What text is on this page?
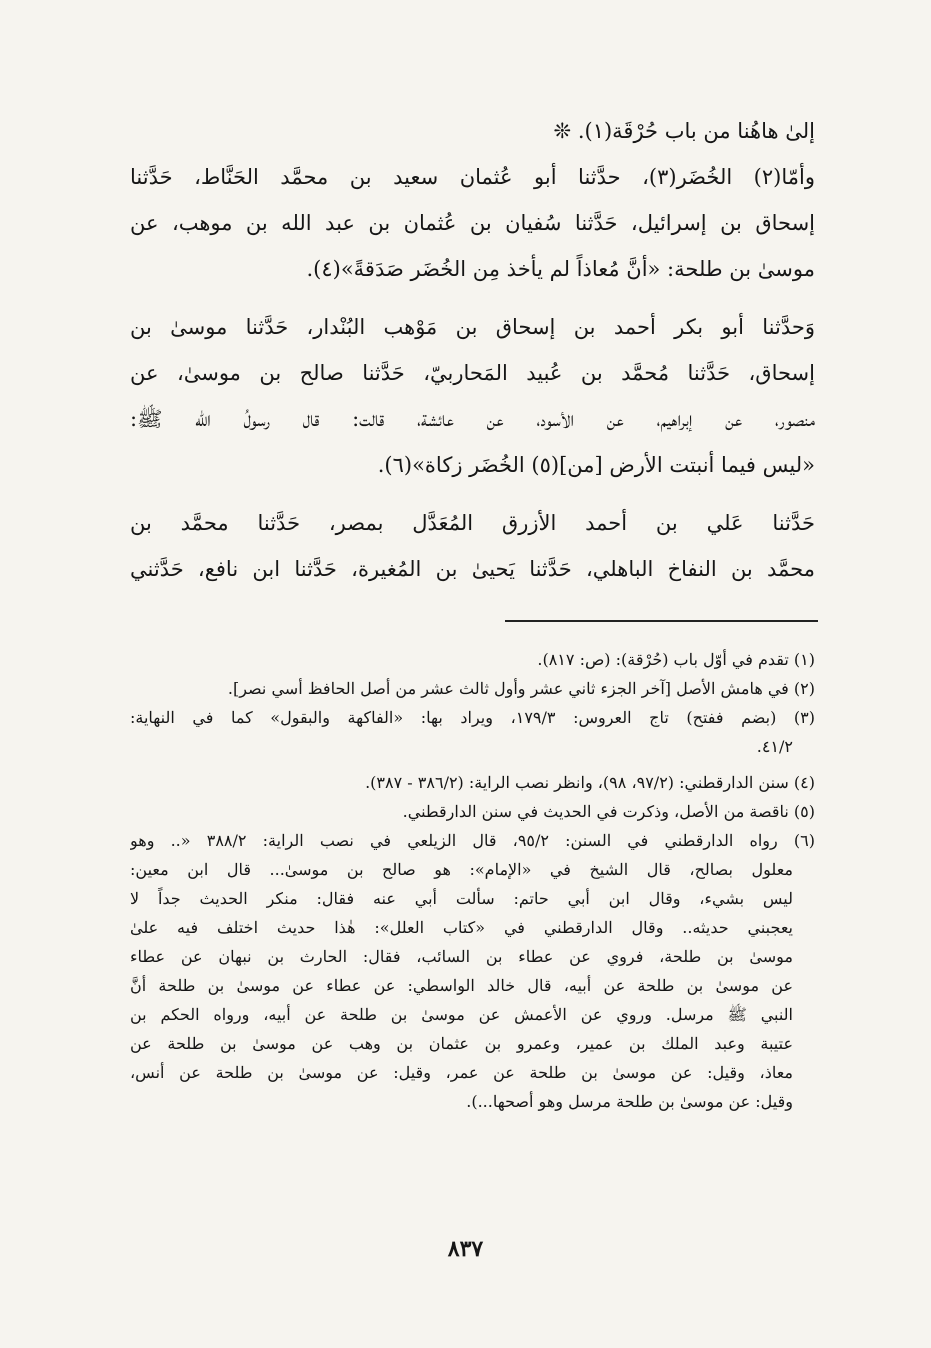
إلىٰ هاهُنا من باب حُرْقَة(١). ❊
وأمّا(٢) الخُضَر(٣)، حدَّثنا أبو عُثمان سعيد بن محمَّد الحَنَّاط، حَدَّثنا
إسحاق بن إسرائيل، حَدَّثنا سُفيان بن عُثمان بن عبد الله بن موهب، عن
موسىٰ بن طلحة: «أنَّ مُعاذاً لم يأخذ مِن الخُضَر صَدَقةً»(٤).
وَحدَّثنا أبو بكر أحمد بن إسحاق بن مَوْهب البُنْدار، حَدَّثنا موسىٰ بن
إسحاق، حَدَّثنا مُحمَّد بن عُبيد المَحاربيّ، حَدَّثنا صالح بن موسىٰ، عن
منصور، عن إبراهيم، عن الأسود، عن عائشة، قالت: قال رسولُ الله ﷺ:
«ليس فيما أنبتت الأرض [من](٥) الخُضَر زكاة»(٦).
حَدَّثنا عَلي بن أحمد الأزرق المُعَدَّل بمصر، حَدَّثنا محمَّد بن
محمَّد بن النفاخ الباهلي، حَدَّثنا يَحيىٰ بن المُغيرة، حَدَّثنا ابن نافع، حَدَّثني
(١) تقدم في أوّل باب (حُرْقة): (ص: ٨١٧).
(٢) في هامش الأصل [آخر الجزء ثاني عشر وأول ثالث عشر من أصل الحافظ أسي نصر].
(٣) (بضم ففتح) تاج العروس: ١٧٩/٣، ويراد بها: «الفاكهة والبقول» كما في النهاية:
٤١/٢.
(٤) سنن الدارقطني: (٩٧/٢، ٩٨)، وانظر نصب الراية: (٣٨٦/٢ - ٣٨٧).
(٥) ناقصة من الأصل، وذكرت في الحديث في سنن الدارقطني.
(٦) رواه الدارقطني في السنن: ٩٥/٢، قال الزيلعي في نصب الراية: ٣٨٨/٢ «.. وهو
معلول بصالح، قال الشيخ في «الإمام»: هو صالح بن موسىٰ... قال ابن معين:
ليس بشيء، وقال ابن أبي حاتم: سألت أبي عنه فقال: منكر الحديث جداً لا
يعجبني حديثه.. وقال الدارقطني في «كتاب العلل»: هٰذا حديث اختلف فيه علىٰ
موسىٰ بن طلحة، فروي عن عطاء بن السائب، فقال: الحارث بن نبهان عن عطاء
عن موسىٰ بن طلحة عن أبيه، قال خالد الواسطي: عن عطاء عن موسىٰ بن طلحة أنَّ
النبي ﷺ مرسل. وروي عن الأعمش عن موسىٰ بن طلحة عن أبيه، ورواه الحكم بن
عتيبة وعبد الملك بن عمير، وعمرو بن عثمان بن وهب عن موسىٰ بن طلحة عن
معاذ، وقيل: عن موسىٰ بن طلحة عن عمر، وقيل: عن موسىٰ بن طلحة عن أنس،
وقيل: عن موسىٰ بن طلحة مرسل وهو أصحها...).
٨٣٧
